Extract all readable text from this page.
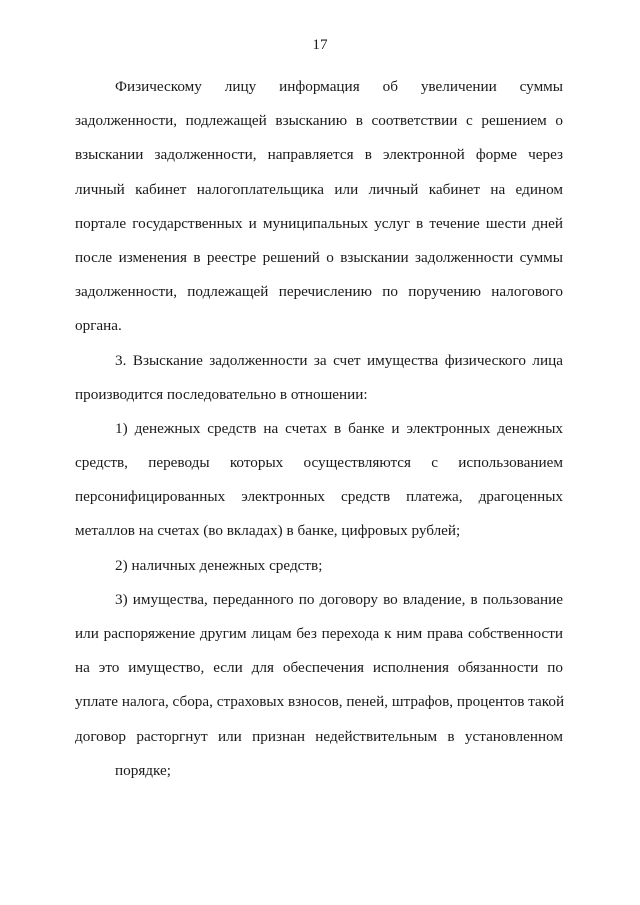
17
Физическому лицу информация об увеличении суммы
задолженности, подлежащей взысканию в соответствии с решением о
взыскании задолженности, направляется в электронной форме через
личный кабинет налогоплательщика или личный кабинет на едином
портале государственных и муниципальных услуг в течение шести дней
после изменения в реестре решений о взыскании задолженности суммы
задолженности, подлежащей перечислению по поручению налогового
органа.
3. Взыскание задолженности за счет имущества физического лица
производится последовательно в отношении:
1) денежных средств на счетах в банке и электронных денежных
средств, переводы которых осуществляются с использованием
персонифицированных электронных средств платежа, драгоценных
металлов на счетах (во вкладах) в банке, цифровых рублей;
2) наличных денежных средств;
3) имущества, переданного по договору во владение, в пользование
или распоряжение другим лицам без перехода к ним права собственности
на это имущество, если для обеспечения исполнения обязанности по
уплате налога, сбора, страховых взносов, пеней, штрафов, процентов такой
договор расторгнут или признан недействительным в установленном
порядке;
